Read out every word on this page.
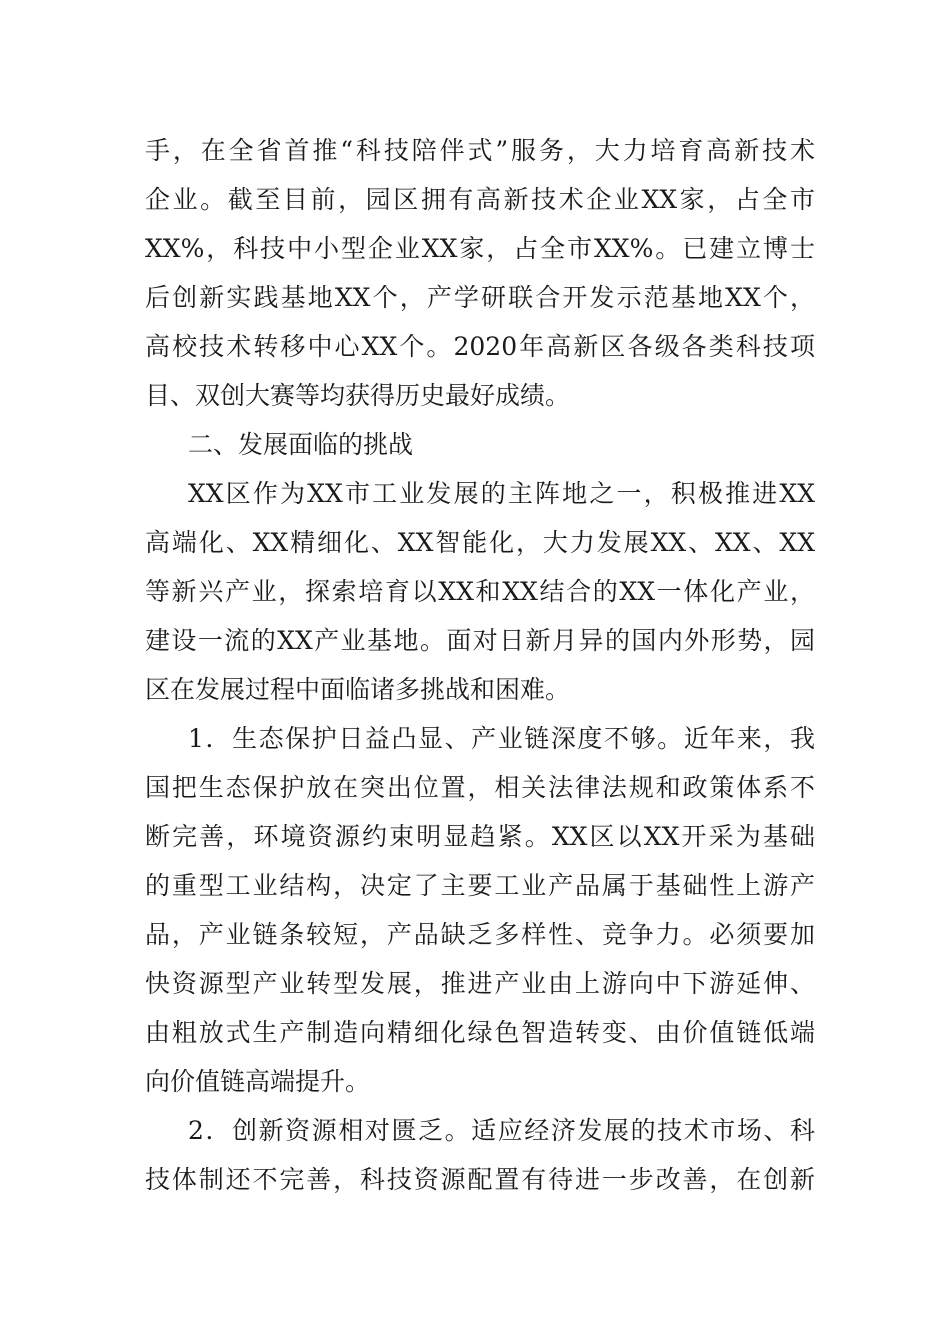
手，在全省首推“科技陪伴式”服务，大力培育高新技术
企业。截至目前，园区拥有高新技术企业XX家，占全市
XX%，科技中小型企业XX家，占全市XX%。已建立博士
后创新实践基地XX个，产学研联合开发示范基地XX个，
高校技术转移中心XX个。2020年高新区各级各类科技项
目、双创大赛等均获得历史最好成绩。
二、发展面临的挑战
XX区作为XX市工业发展的主阵地之一，积极推进XX
高端化、XX精细化、XX智能化，大力发展XX、XX、XX
等新兴产业，探索培育以XX和XX结合的XX一体化产业，
建设一流的XX产业基地。面对日新月异的国内外形势，园
区在发展过程中面临诸多挑战和困难。
1．生态保护日益凸显、产业链深度不够。近年来，我
国把生态保护放在突出位置，相关法律法规和政策体系不
断完善，环境资源约束明显趋紧。XX区以XX开采为基础
的重型工业结构，决定了主要工业产品属于基础性上游产
品，产业链条较短，产品缺乏多样性、竞争力。必须要加
快资源型产业转型发展，推进产业由上游向中下游延伸、
由粗放式生产制造向精细化绿色智造转变、由价值链低端
向价值链高端提升。
2．创新资源相对匮乏。适应经济发展的技术市场、科
技体制还不完善，科技资源配置有待进一步改善，在创新
